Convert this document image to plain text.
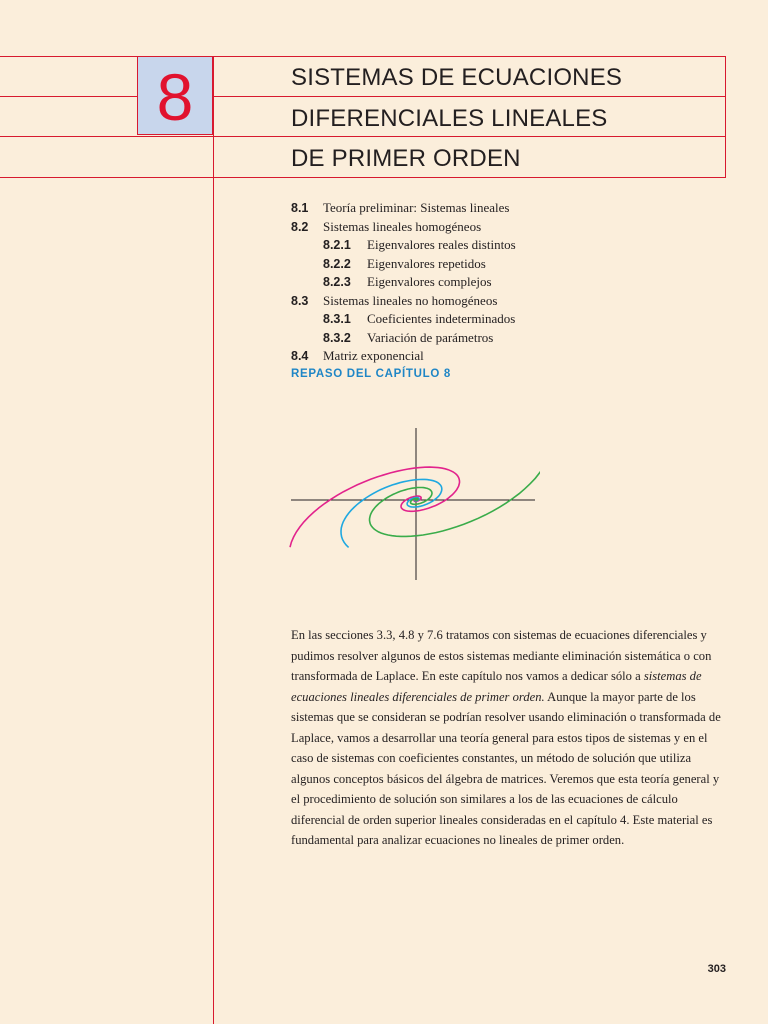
8	SISTEMAS DE ECUACIONES
DIFERENCIALES LINEALES
DE PRIMER ORDEN
8.1 Teoría preliminar: Sistemas lineales
8.2 Sistemas lineales homogéneos
8.2.1 Eigenvalores reales distintos
8.2.2 Eigenvalores repetidos
8.2.3 Eigenvalores complejos
8.3 Sistemas lineales no homogéneos
8.3.1 Coeficientes indeterminados
8.3.2 Variación de parámetros
8.4 Matriz exponencial
REPASO DEL CAPÍTULO 8
En las secciones 3.3, 4.8 y 7.6 tratamos con sistemas de ecuaciones diferenciales y pudimos resolver algunos de estos sistemas mediante eliminación sistemática o con transformada de Laplace. En este capítulo nos vamos a dedicar sólo a sistemas de ecuaciones lineales diferenciales de primer orden. Aunque la mayor parte de los sistemas que se consideran se podrían resolver usando eliminación o transformada de Laplace, vamos a desarrollar una teoría general para estos tipos de sistemas y en el caso de sistemas con coeficientes constantes, un método de solución que utiliza algunos conceptos básicos del álgebra de matrices. Veremos que esta teoría general y el procedimiento de solución son similares a los de las ecuaciones de cálculo diferencial de orden superior lineales consideradas en el capítulo 4. Este material es fundamental para analizar ecuaciones no lineales de primer orden.
303
